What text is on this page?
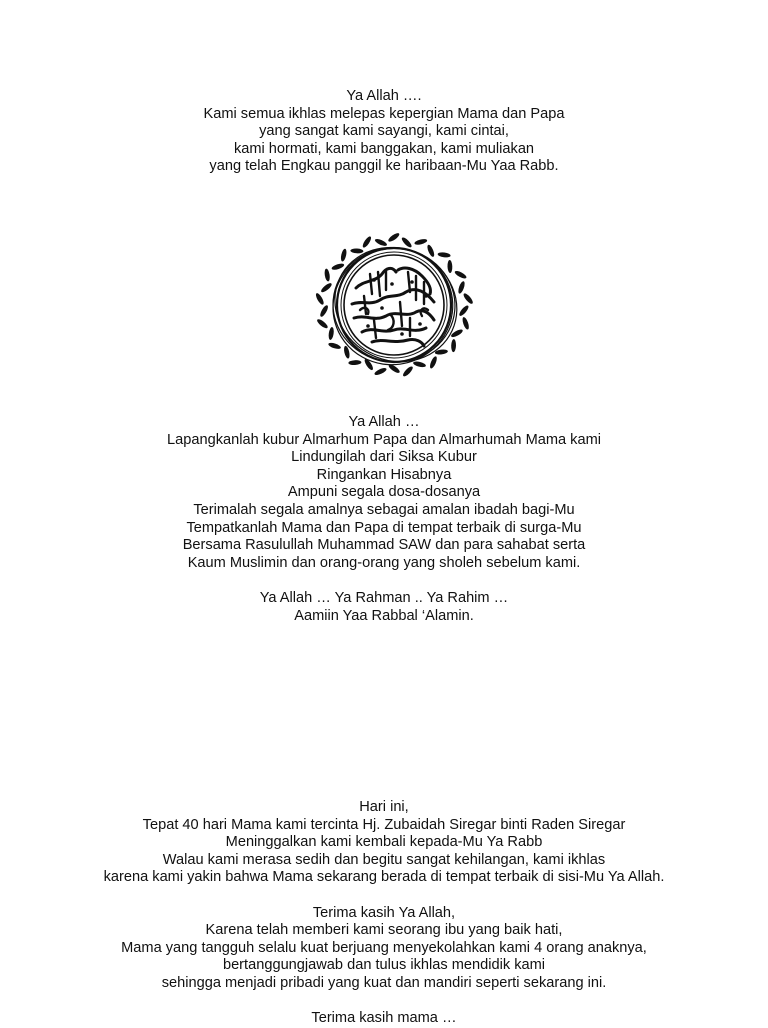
Ya Allah ….
Kami semua ikhlas melepas kepergian Mama dan Papa
yang sangat kami sayangi, kami cintai,
kami hormati, kami banggakan, kami muliakan
yang telah Engkau panggil ke haribaan-Mu Yaa Rabb.
Ya Allah …
Lapangkanlah kubur Almarhum Papa dan Almarhumah Mama kami
Lindungilah dari Siksa Kubur
Ringankan Hisabnya
Ampuni segala dosa-dosanya
Terimalah segala amalnya sebagai amalan ibadah bagi-Mu
Tempatkanlah Mama dan Papa di tempat terbaik di surga-Mu
Bersama Rasulullah Muhammad SAW dan para sahabat serta
Kaum Muslimin dan orang-orang yang sholeh sebelum kami.
Ya Allah … Ya Rahman .. Ya Rahim …
Aamiin Yaa Rabbal ‘Alamin.
Hari ini,
Tepat 40 hari Mama kami tercinta Hj. Zubaidah Siregar binti Raden Siregar
Meninggalkan kami kembali kepada-Mu Ya Rabb
Walau kami merasa sedih dan begitu sangat kehilangan, kami ikhlas
karena kami yakin bahwa Mama sekarang berada di tempat terbaik di sisi-Mu Ya Allah.
Terima kasih Ya Allah,
Karena telah memberi kami seorang ibu yang baik hati,
Mama yang tangguh selalu kuat berjuang menyekolahkan kami 4 orang anaknya,
bertanggungjawab dan tulus ikhlas mendidik kami
sehingga menjadi pribadi yang kuat dan mandiri seperti sekarang ini.
Terima kasih mama …
